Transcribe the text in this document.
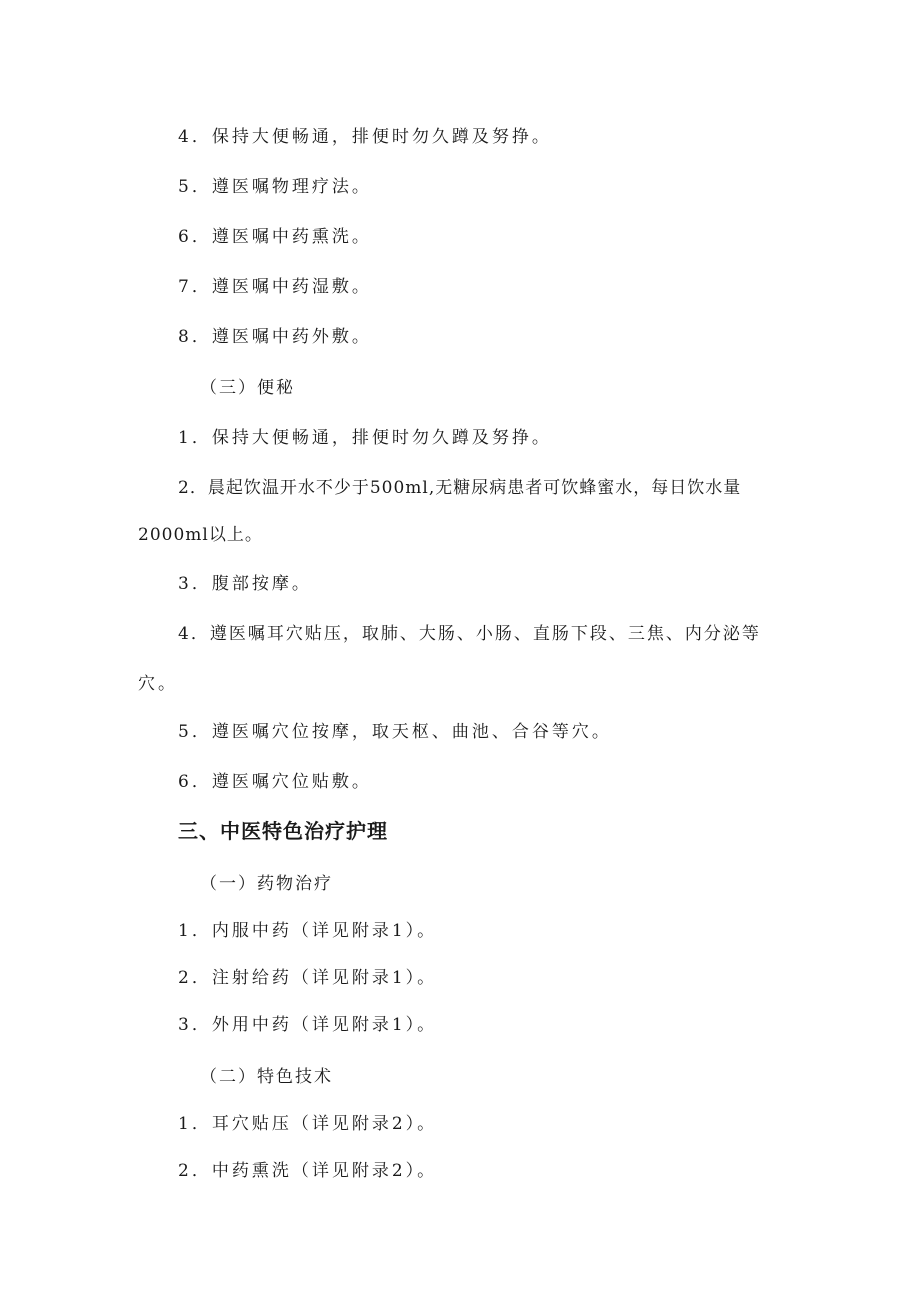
4．保持大便畅通，排便时勿久蹲及努挣。
5．遵医嘱物理疗法。
6．遵医嘱中药熏洗。
7．遵医嘱中药湿敷。
8．遵医嘱中药外敷。
（三）便秘
1．保持大便畅通，排便时勿久蹲及努挣。
2．晨起饮温开水不少于500ml,无糖尿病患者可饮蜂蜜水，每日饮水量
2000ml以上。
3．腹部按摩。
4．遵医嘱耳穴贴压，取肺、大肠、小肠、直肠下段、三焦、内分泌等
穴。
5．遵医嘱穴位按摩，取天枢、曲池、合谷等穴。
6．遵医嘱穴位贴敷。
三、中医特色治疗护理
（一）药物治疗
1．内服中药（详见附录1）。
2．注射给药（详见附录1）。
3．外用中药（详见附录1）。
（二）特色技术
1．耳穴贴压（详见附录2）。
2．中药熏洗（详见附录2）。
